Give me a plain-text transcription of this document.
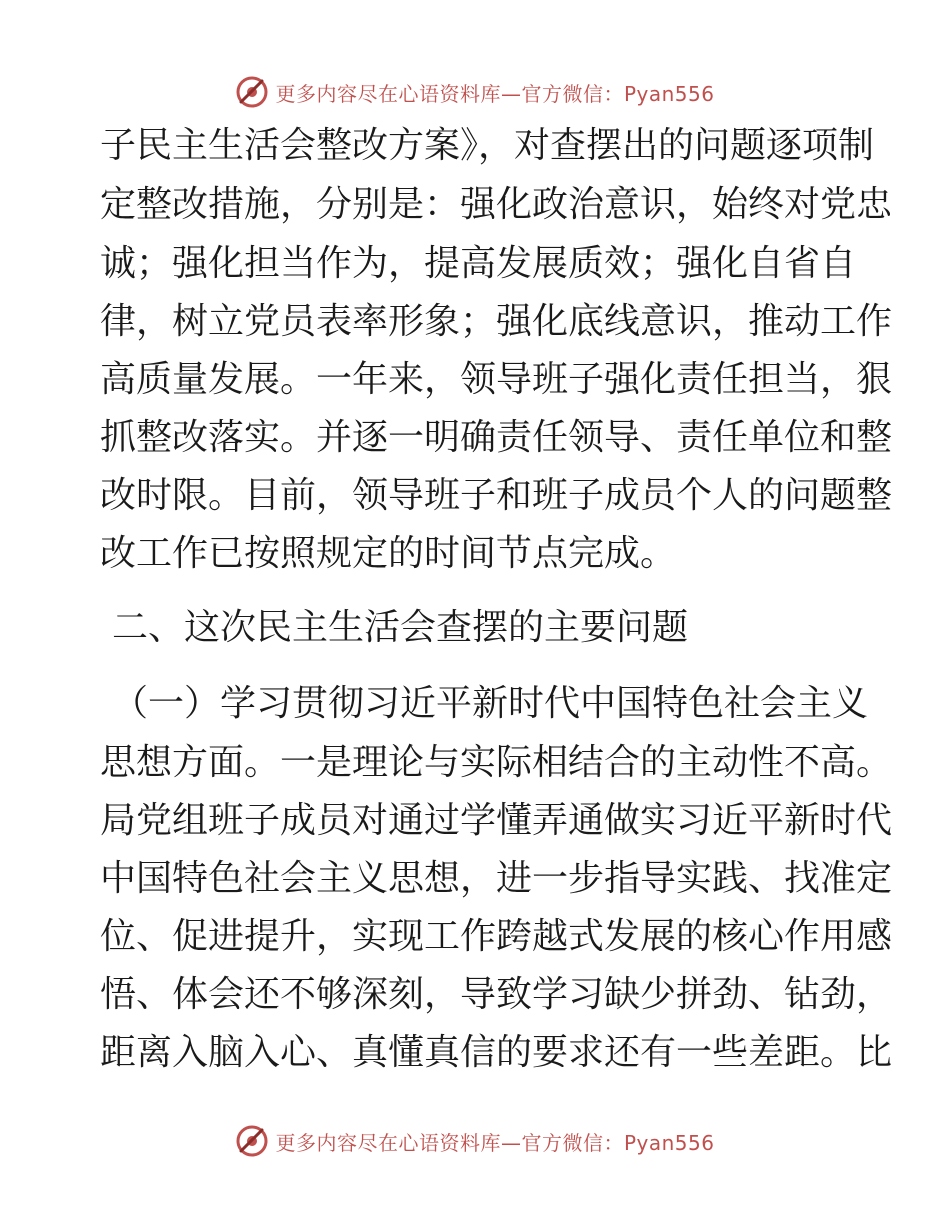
更多内容尽在心语资料库—官方微信：Pyan556
子民主生活会整改方案》，对查摆出的问题逐项制
定整改措施，分别是：强化政治意识，始终对党忠
诚；强化担当作为，提高发展质效；强化自省自
律，树立党员表率形象；强化底线意识，推动工作
高质量发展。一年来，领导班子强化责任担当，狠
抓整改落实。并逐一明确责任领导、责任单位和整
改时限。目前，领导班子和班子成员个人的问题整
改工作已按照规定的时间节点完成。
二、这次民主生活会查摆的主要问题
（一）学习贯彻习近平新时代中国特色社会主义
思想方面。一是理论与实际相结合的主动性不高。
局党组班子成员对通过学懂弄通做实习近平新时代
中国特色社会主义思想，进一步指导实践、找准定
位、促进提升，实现工作跨越式发展的核心作用感
悟、体会还不够深刻，导致学习缺少拼劲、钻劲，
距离入脑入心、真懂真信的要求还有一些差距。比
更多内容尽在心语资料库—官方微信：Pyan556
